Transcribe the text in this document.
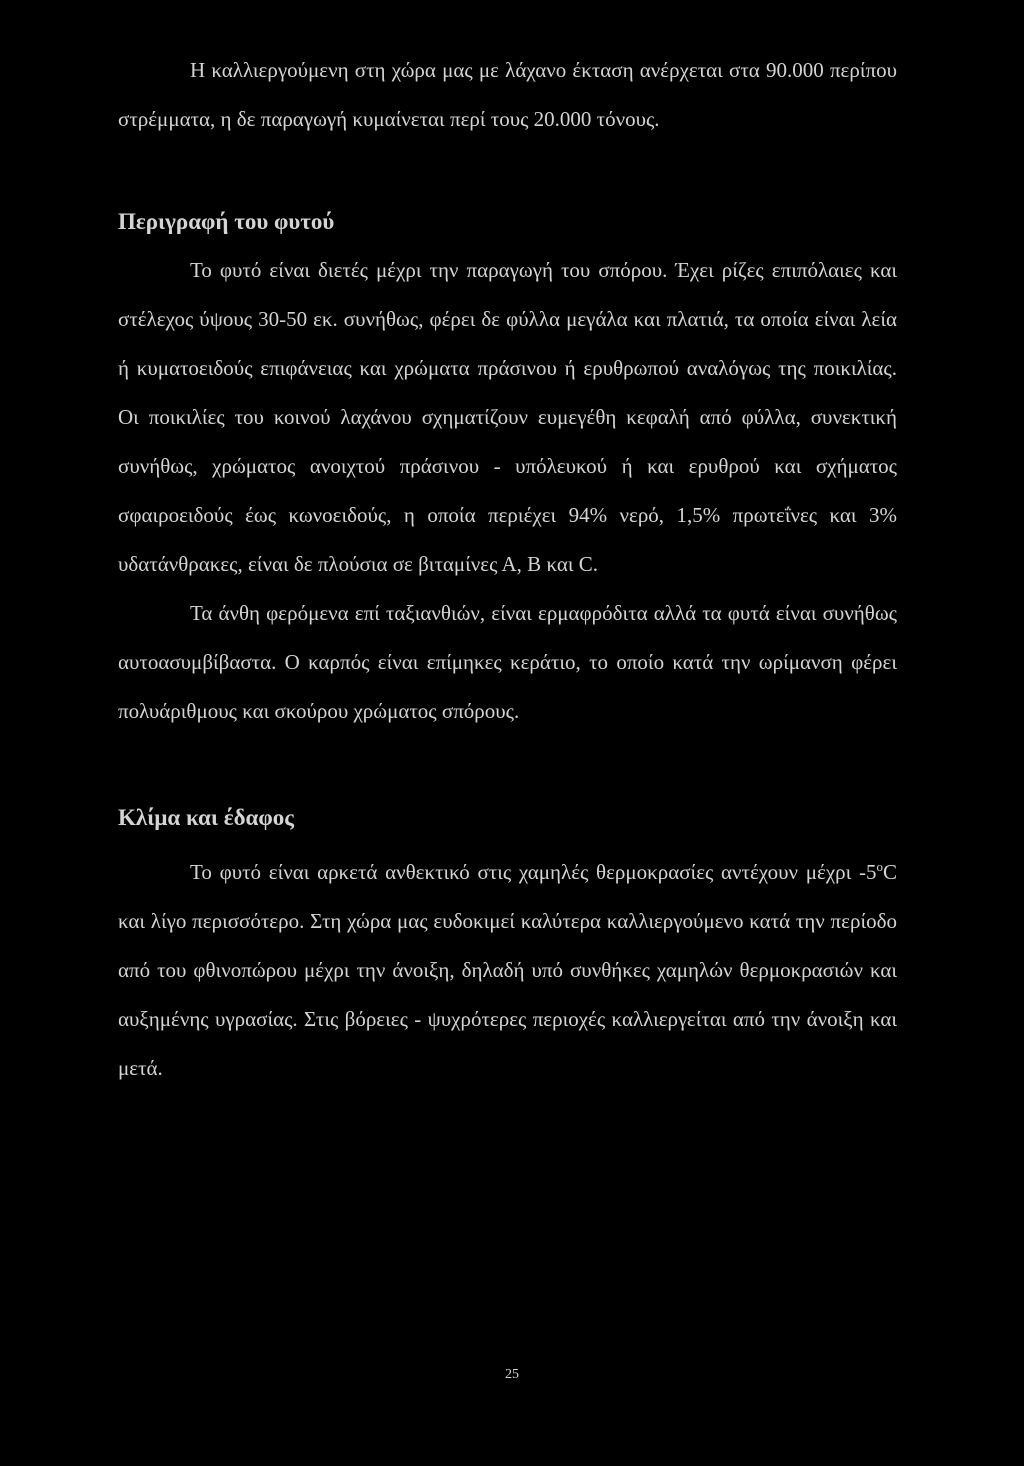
Η καλλιεργούμενη στη χώρα μας με λάχανο έκταση ανέρχεται στα 90.000 περίπου στρέμματα, η δε παραγωγή κυμαίνεται περί τους 20.000 τόνους.

Περιγραφή του φυτού

Το φυτό είναι διετές μέχρι την παραγωγή του σπόρου. Έχει ρίζες επιπόλαιες και στέλεχος ύψους 30-50 εκ. συνήθως, φέρει δε φύλλα μεγάλα και πλατιά, τα οποία είναι λεία ή κυματοειδούς επιφάνειας και χρώματα πράσινου ή ερυθρωπού αναλόγως της ποικιλίας. Οι ποικιλίες του κοινού λαχάνου σχηματίζουν ευμεγέθη κεφαλή από φύλλα, συνεκτική συνήθως, χρώματος ανοιχτού πράσινου - υπόλευκού ή και ερυθρού και σχήματος σφαιροειδούς έως κωνοειδούς, η οποία περιέχει 94% νερό, 1,5% πρωτεΐνες και 3% υδατάνθρακες, είναι δε πλούσια σε βιταμίνες Α, Β και C.

Τα άνθη φερόμενα επί ταξιανθιών, είναι ερμαφρόδιτα αλλά τα φυτά είναι συνήθως αυτοασυμβίβαστα. Ο καρπός είναι επίμηκες κεράτιο, το οποίο κατά την ωρίμανση φέρει πολυάριθμους και σκούρου χρώματος σπόρους.

Κλίμα και έδαφος

Το φυτό είναι αρκετά ανθεκτικό στις χαμηλές θερμοκρασίες αντέχουν μέχρι -5$^o$C και λίγο περισσότερο. Στη χώρα μας ευδοκιμεί καλύτερα καλλιεργούμενο κατά την περίοδο από του φθινοπώρου μέχρι την άνοιξη, δηλαδή υπό συνθήκες χαμηλών θερμοκρασιών και αυξημένης υγρασίας. Στις βόρειες - ψυχρότερες περιοχές καλλιεργείται από την άνοιξη και μετά.

25
